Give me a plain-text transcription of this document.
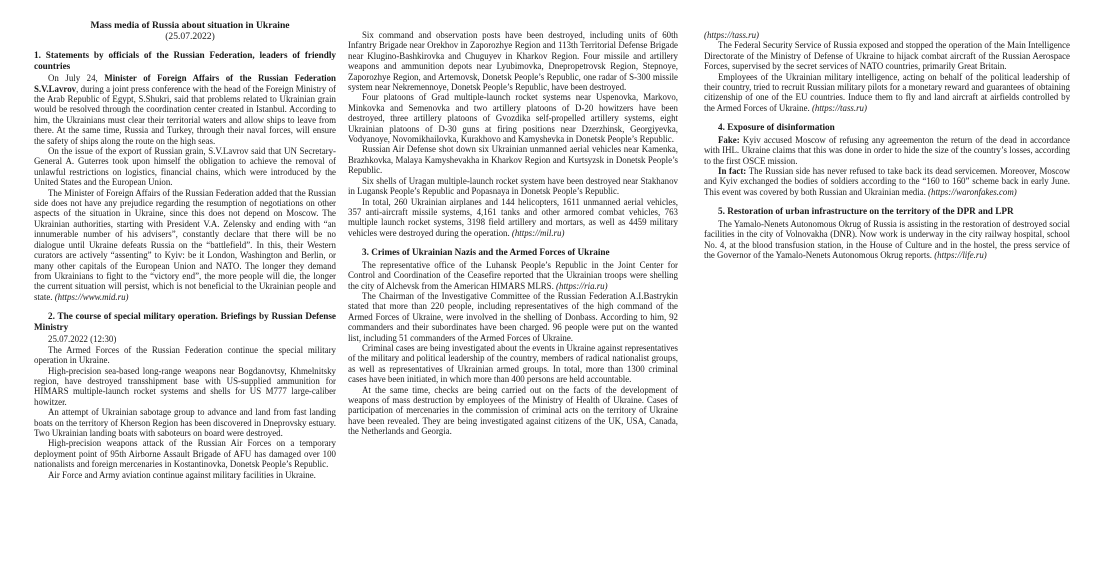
Mass media of Russia about situation in Ukraine
(25.07.2022)
1. Statements by officials of the Russian Federation, leaders of friendly countries

On July 24, Minister of Foreign Affairs of the Russian Federation S.V.Lavrov, during a joint press conference with the head of the Foreign Ministry of the Arab Republic of Egypt, S.Shukri, said that problems related to Ukrainian grain would be resolved through the coordination center created in Istanbul. According to him, the Ukrainians must clear their territorial waters and allow ships to leave from there. At the same time, Russia and Turkey, through their naval forces, will ensure the safety of ships along the route on the high seas.

On the issue of the export of Russian grain, S.V.Lavrov said that UN Secretary-General A. Guterres took upon himself the obligation to achieve the removal of unlawful restrictions on logistics, financial chains, which were introduced by the United States and the European Union.

The Minister of Foreign Affairs of the Russian Federation added that the Russian side does not have any prejudice regarding the resumption of negotiations on other aspects of the situation in Ukraine, since this does not depend on Moscow. The Ukrainian authorities, starting with President V.A. Zelensky and ending with “an innumerable number of his advisers”, constantly declare that there will be no dialogue until Ukraine defeats Russia on the “battlefield”. In this, their Western curators are actively “assenting” to Kyiv: be it London, Washington and Berlin, or many other capitals of the European Union and NATO. The longer they demand from Ukrainians to fight to the “victory end”, the more people will die, the longer the current situation will persist, which is not beneficial to the Ukrainian people and state. (https://www.mid.ru)

2. The course of special military operation. Briefings by Russian Defense Ministry

25.07.2022 (12:30)

The Armed Forces of the Russian Federation continue the special military operation in Ukraine.

High-precision sea-based long-range weapons near Bogdanovtsy, Khmelnitsky region, have destroyed transshipment base with US-supplied ammunition for HIMARS multiple-launch rocket systems and shells for US M777 large-caliber howitzer.

An attempt of Ukrainian sabotage group to advance and land from fast landing boats on the territory of Kherson Region has been discovered in Dneprovsky estuary. Two Ukrainian landing boats with saboteurs on board were destroyed.

High-precision weapons attack of the Russian Air Forces on a temporary deployment point of 95th Airborne Assault Brigade of AFU has damaged over 100 nationalists and foreign mercenaries in Kostantinovka, Donetsk People’s Republic.

Air Force and Army aviation continue against military facilities in Ukraine.

Six command and observation posts have been destroyed, including units of 60th Infantry Brigade near Orekhov in Zaporozhye Region and 113th Territorial Defense Brigade near Klugino-Bashkirovka and Chuguyev in Kharkov Region. Four missile and artillery weapons and ammunition depots near Lyubimovka, Dnepropetrovsk Region, Stepnoye, Zaporozhye Region, and Artemovsk, Donetsk People’s Republic, one radar of S-300 missile system near Nekremennoye, Donetsk People’s Republic, have been destroyed.

Four platoons of Grad multiple-launch rocket systems near Uspenovka, Markovo, Minkovka and Semenovka and two artillery platoons of D-20 howitzers have been destroyed, three artillery platoons of Gvozdika self-propelled artillery systems, eight Ukrainian platoons of D-30 guns at firing positions near Dzerzhinsk, Georgiyevka, Vodyanoye, Novomikhailovka, Kurakhovo and Kamyshevka in Donetsk People’s Republic.

Russian Air Defense shot down six Ukrainian unmanned aerial vehicles near Kamenka, Brazhkovka, Malaya Kamyshevakha in Kharkov Region and Kurtsyzsk in Donetsk People’s Republic.

Six shells of Uragan multiple-launch rocket system have been destroyed near Stakhanov in Lugansk People’s Republic and Popasnaya in Donetsk People’s Republic.

In total, 260 Ukrainian airplanes and 144 helicopters, 1611 unmanned aerial vehicles, 357 anti-aircraft missile systems, 4,161 tanks and other armored combat vehicles, 763 multiple launch rocket systems, 3198 field artillery and mortars, as well as 4459 military vehicles were destroyed during the operation. (https://mil.ru)

3. Crimes of Ukrainian Nazis and the Armed Forces of Ukraine

The representative office of the Luhansk People’s Republic in the Joint Center for Control and Coordination of the Ceasefire reported that the Ukrainian troops were shelling the city of Alchevsk from the American HIMARS MLRS. (https://ria.ru)

The Chairman of the Investigative Committee of the Russian Federation A.I.Bastrykin stated that more than 220 people, including representatives of the high command of the Armed Forces of Ukraine, were involved in the shelling of Donbass. According to him, 92 commanders and their subordinates have been charged. 96 people were put on the wanted list, including 51 commanders of the Armed Forces of Ukraine.

Criminal cases are being investigated about the events in Ukraine against representatives of the military and political leadership of the country, members of radical nationalist groups, as well as representatives of Ukrainian armed groups. In total, more than 1300 criminal cases have been initiated, in which more than 400 persons are held accountable.

At the same time, checks are being carried out on the facts of the development of weapons of mass destruction by employees of the Ministry of Health of Ukraine. Cases of participation of mercenaries in the commission of criminal acts on the territory of Ukraine have been revealed. They are being investigated against citizens of the UK, USA, Canada, the Netherlands and Georgia.

(https://tass.ru)

The Federal Security Service of Russia exposed and stopped the operation of the Main Intelligence Directorate of the Ministry of Defense of Ukraine to hijack combat aircraft of the Russian Aerospace Forces, supervised by the secret services of NATO countries, primarily Great Britain.

Employees of the Ukrainian military intelligence, acting on behalf of the political leadership of their country, tried to recruit Russian military pilots for a monetary reward and guarantees of obtaining citizenship of one of the EU countries. Induce them to fly and land aircraft at airfields controlled by the Armed Forces of Ukraine. (https://tass.ru)

4. Exposure of disinformation

Fake: Kyiv accused Moscow of refusing any agreementon the return of the dead in accordance with IHL. Ukraine claims that this was done in order to hide the size of the country’s losses, according to the first OSCE mission.

In fact: The Russian side has never refused to take back its dead servicemen. Moreover, Moscow and Kyiv exchanged the bodies of soldiers according to the “160 to 160” scheme back in early June. This event was covered by both Russian and Ukrainian media. (https://waronfakes.com)

5. Restoration of urban infrastructure on the territory of the DPR and LPR

The Yamalo-Nenets Autonomous Okrug of Russia is assisting in the restoration of destroyed social facilities in the city of Volnovakha (DNR). Now work is underway in the city railway hospital, school No. 4, at the blood transfusion station, in the House of Culture and in the hostel, the press service of the Governor of the Yamalo-Nenets Autonomous Okrug reports. (https://life.ru)
